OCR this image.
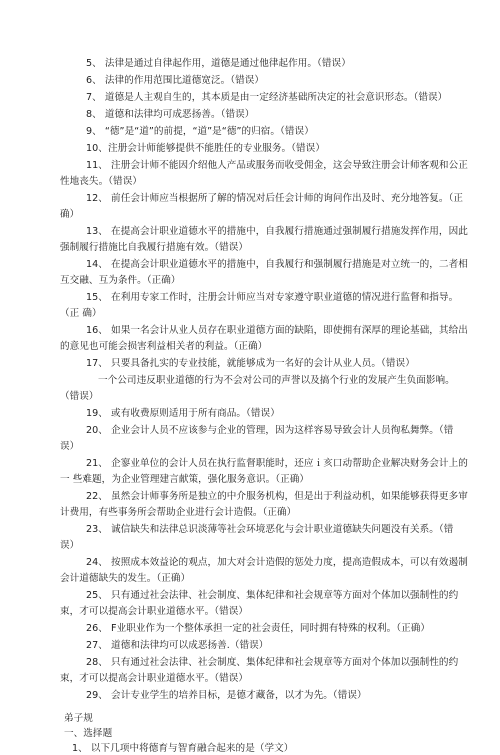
5、 法律是通过自律起作用，道德是通过他律起作用。（错误）
6、 法律的作用范围比道德宽泛。（错误）
7、 道德是人主观自生的，其本质是由一定经济基础所决定的社会意识形态。（错误）
8、 道德和法律均可成恶扬善。（错误）
9、 “德”是“道”的前提，“道”是“德”的归宿。（错误）
10、注册会计师能够提供不能胜任的专业服务。（错误）
11、 注册会计师不能因介绍他人产品或服务而收受佣金，这会导致注册会计师客观和公正
性地丧失。（错误）
12、 前任会计师应当根据所了解的情况对后任会计师的询问作出及时、充分地答复。（正
确）
13、 在提高会计职业道德水平的措施中，自我履行措施通过强制履行措施发挥作用，因此
强制履行措施比自我履行措施有效。（错误）
14、 在提高会计职业道德水平的措施中，自我履行和强制履行措施是对立统一的，二者相
互交融、互为条件。（正确）
15、 在利用专家工作时，注册会计师应当对专家遵守职业道德的情况进行监督和指导。
（正 确）
16、 如果一名会计从业人员存在职业道德方面的缺陷，即使拥有深厚的理论基础，其给出
的意见也可能会损害利益相关者的利益。（正确）
17、 只要具备扎实的专业技能，就能够成为一名好的会计从业人员。（错误）
一个公司违反职业道德的行为不会对公司的声誉以及搞个行业的发展产生负面影响。
（错误）
19、 或有收费原则适用于所有商品。（错误）
20、 企业会计人员不应该参与企业的管理，因为这样容易导致会计人员徇私舞弊。（错
误）
21、 企寥业单位的会计人员在执行监督职能时，还应ｉ亥口动帮助企业解决财务会计上的
一 些难题，为企业管理建言献策，强化服务意识。（正确）
22、 虽然会计师事务所是独立的中介服务机构，但是出于利益动机，如果能够获得更多审
计费用，有些事务所会帮助企业进行会计造假。（正确）
23、 诚信缺失和法律总识淡薄等社会环境恶化与会计职业道德缺失问题没有关系。（错
误）
24、 按照成本效益论的观点，加大对会计造假的惩处力度，提高造假成本，可以有效遏制
会计道德缺失的发生。（正确）
25、 只有通过社会法律、社会制度、集体纪律和社会规章等方面对个体加以强制性的约
束，才可以提高会计职业道德水平。（错误）
26、 F业职业作为一个整体承担一定的社会责任，同时拥有特殊的权利。（正确）
27、 道德和法律均可以成恶扬善.（错误）
28、 只有通过社会法律、社会制度、集体纪律和社会规章等方面对个体加以强制性的约
束，才可以提高会计职业道德水平。（错误）
29、 会计专业学生的培养目标，是德才藏备，以才为先。（错误）
弟子规
一、选择题
1、 以下几项中将德育与智育融合起来的是（学文）
